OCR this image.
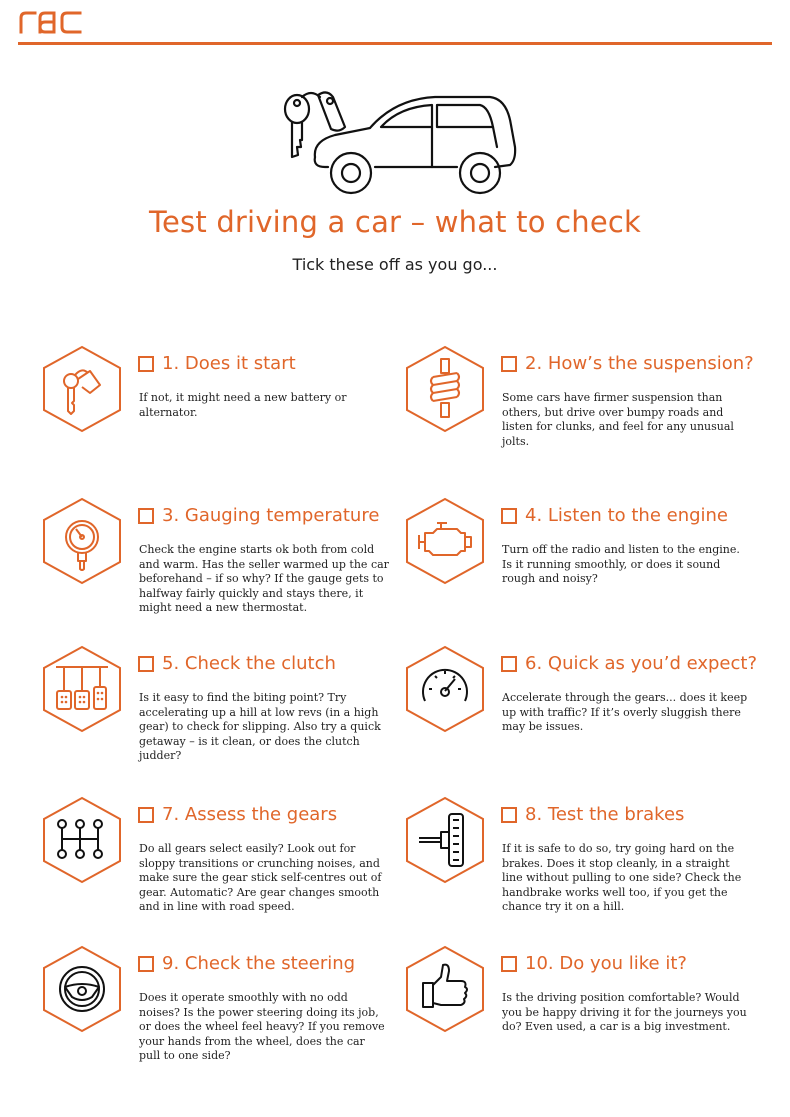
Test driving a car – what to check
Tick these off as you go...
1. Does it start
If not, it might need a new battery or alternator.
2. How’s the suspension?
Some cars have firmer suspension than others, but drive over bumpy roads and listen for clunks, and feel for any unusual jolts.
3. Gauging temperature
Check the engine starts ok both from cold and warm. Has the seller warmed up the car beforehand – if so why? If the gauge gets to halfway fairly quickly and stays there, it might need a new thermostat.
4. Listen to the engine
Turn off the radio and listen to the engine. Is it running smoothly, or does it sound rough and noisy?
5. Check the clutch
Is it easy to find the biting point? Try accelerating up a hill at low revs (in a high gear) to check for slipping. Also try a quick getaway – is it clean, or does the clutch judder?
6. Quick as you’d expect?
Accelerate through the gears... does it keep up with traffic? If it’s overly sluggish there may be issues.
7. Assess the gears
Do all gears select easily? Look out for sloppy transitions or crunching noises, and make sure the gear stick self-centres out of gear. Automatic? Are gear changes smooth and in line with road speed.
8. Test the brakes
If it is safe to do so, try going hard on the brakes. Does it stop cleanly, in a straight line without pulling to one side? Check the handbrake works well too, if you get the chance try it on a hill.
9. Check the steering
Does it operate smoothly with no odd noises? Is the power steering doing its job, or does the wheel feel heavy? If you remove your hands from the wheel, does the car pull to one side?
10. Do you like it?
Is the driving position comfortable? Would you be happy driving it for the journeys you do? Even used, a car is a big investment.
